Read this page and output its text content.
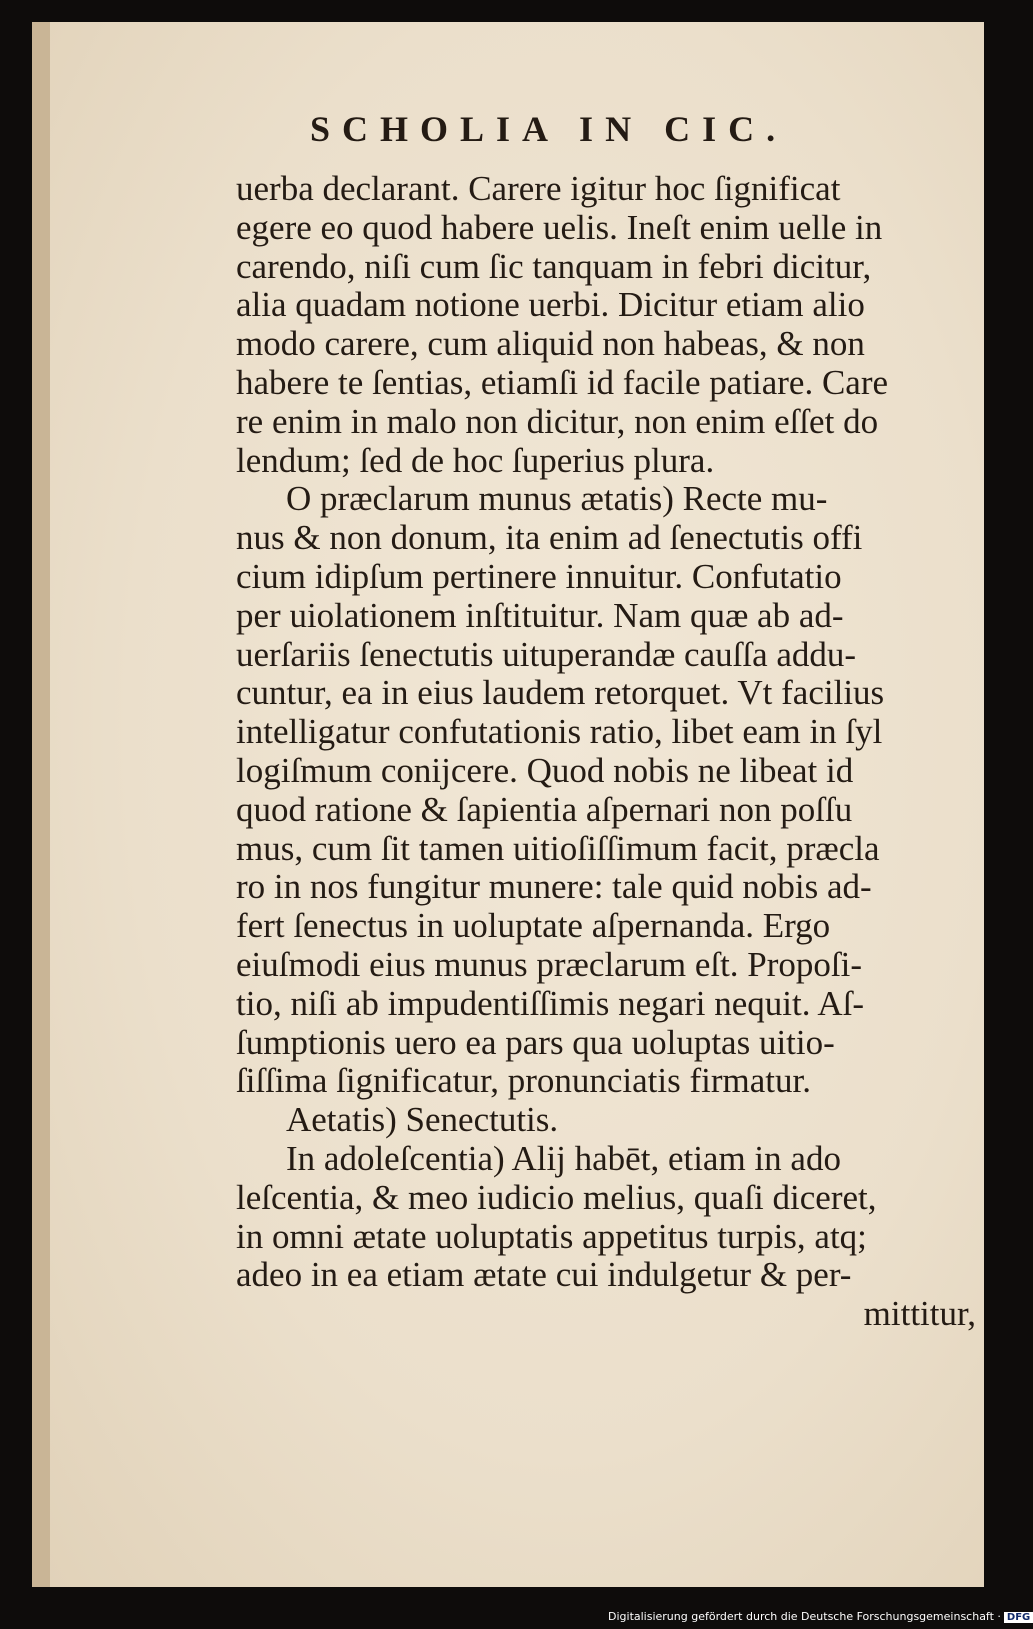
SCHOLIA IN CIC.
uerba declarant. Carere igitur hoc ſignificat
egere eo quod habere uelis. Ineſt enim uelle in
carendo, niſi cum ſic tanquam in febri dicitur,
alia quadam notione uerbi. Dicitur etiam alio
modo carere, cum aliquid non habeas, & non
habere te ſentias, etiamſi id facile patiare. Care
re enim in malo non dicitur, non enim eſſet do
lendum; ſed de hoc ſuperius plura.
O præclarum munus ætatis) Recte mu-
nus & non donum, ita enim ad ſenectutis offi
cium idipſum pertinere innuitur. Confutatio
per uiolationem inſtituitur. Nam quæ ab ad-
uerſariis ſenectutis uituperandæ cauſſa addu-
cuntur, ea in eius laudem retorquet. Vt facilius
intelligatur confutationis ratio, libet eam in ſyl
logiſmum conijcere. Quod nobis ne libeat id
quod ratione & ſapientia aſpernari non poſſu
mus, cum ſit tamen uitioſiſſimum facit, præcla
ro in nos fungitur munere: tale quid nobis ad-
fert ſenectus in uoluptate aſpernanda. Ergo
eiuſmodi eius munus præclarum eſt. Propoſi-
tio, niſi ab impudentiſſimis negari nequit. Aſ-
ſumptionis uero ea pars qua uoluptas uitio-
ſiſſima ſignificatur, pronunciatis firmatur.
Aetatis) Senectutis.
In adoleſcentia) Alij habēt, etiam in ado
leſcentia, & meo iudicio melius, quaſi diceret,
in omni ætate uoluptatis appetitus turpis, atq;
adeo in ea etiam ætate cui indulgetur & per-
mittitur,
Digitalisierung gefördert durch die Deutsche Forschungsgemeinschaft · DFG
